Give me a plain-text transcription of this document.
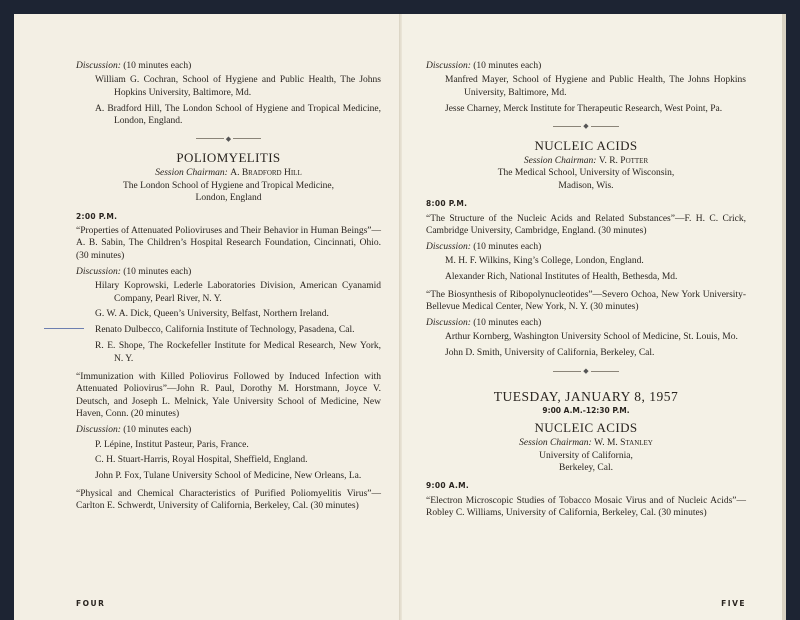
Discussion: (10 minutes each)

William G. Cochran, School of Hygiene and Public Health, The Johns Hopkins University, Baltimore, Md.

A. Bradford Hill, The London School of Hygiene and Tropical Medicine, London, England.

◆
POLIOMYELITIS

Session Chairman: A. Bradford Hill

The London School of Hygiene and Tropical Medicine,

London, England

2:00 P.M.

“Properties of Attenuated Polioviruses and Their Behavior in Human Beings”—A. B. Sabin, The Children’s Hospital Research Foundation, Cincinnati, Ohio. (30 minutes)

Discussion: (10 minutes each)

Hilary Koprowski, Lederle Laboratories Division, American Cyanamid Company, Pearl River, N. Y.

G. W. A. Dick, Queen’s University, Belfast, Northern Ireland.

Renato Dulbecco, California Institute of Technology, Pasadena, Cal.

R. E. Shope, The Rockefeller Institute for Medical Research, New York, N. Y.

“Immunization with Killed Poliovirus Followed by Induced Infection with Attenuated Poliovirus”—John R. Paul, Dorothy M. Horstmann, Joyce V. Deutsch, and Joseph L. Melnick, Yale University School of Medicine, New Haven, Conn. (20 minutes)

Discussion: (10 minutes each)

P. Lépine, Institut Pasteur, Paris, France.

C. H. Stuart-Harris, Royal Hospital, Sheffield, England.

John P. Fox, Tulane University School of Medicine, New Orleans, La.

“Physical and Chemical Characteristics of Purified Poliomyelitis Virus”—Carlton E. Schwerdt, University of California, Berkeley, Cal. (30 minutes)

FOUR
Discussion: (10 minutes each)

Manfred Mayer, School of Hygiene and Public Health, The Johns Hopkins University, Baltimore, Md.

Jesse Charney, Merck Institute for Therapeutic Research, West Point, Pa.

◆
NUCLEIC ACIDS

Session Chairman: V. R. Potter

The Medical School, University of Wisconsin,

Madison, Wis.

8:00 P.M.

“The Structure of the Nucleic Acids and Related Substances”—F. H. C. Crick, Cambridge University, Cambridge, England. (30 minutes)

Discussion: (10 minutes each)

M. H. F. Wilkins, King’s College, London, England.

Alexander Rich, National Institutes of Health, Bethesda, Md.

“The Biosynthesis of Ribopolynucleotides”—Severo Ochoa, New York University-Bellevue Medical Center, New York, N. Y. (30 minutes)

Discussion: (10 minutes each)

Arthur Kornberg, Washington University School of Medicine, St. Louis, Mo.

John D. Smith, University of California, Berkeley, Cal.

◆
TUESDAY, JANUARY 8, 1957
9:00 A.M.-12:30 P.M.
NUCLEIC ACIDS

Session Chairman: W. M. Stanley

University of California,

Berkeley, Cal.

9:00 A.M.

“Electron Microscopic Studies of Tobacco Mosaic Virus and of Nucleic Acids”—Robley C. Williams, University of California, Berkeley, Cal. (30 minutes)

FIVE
